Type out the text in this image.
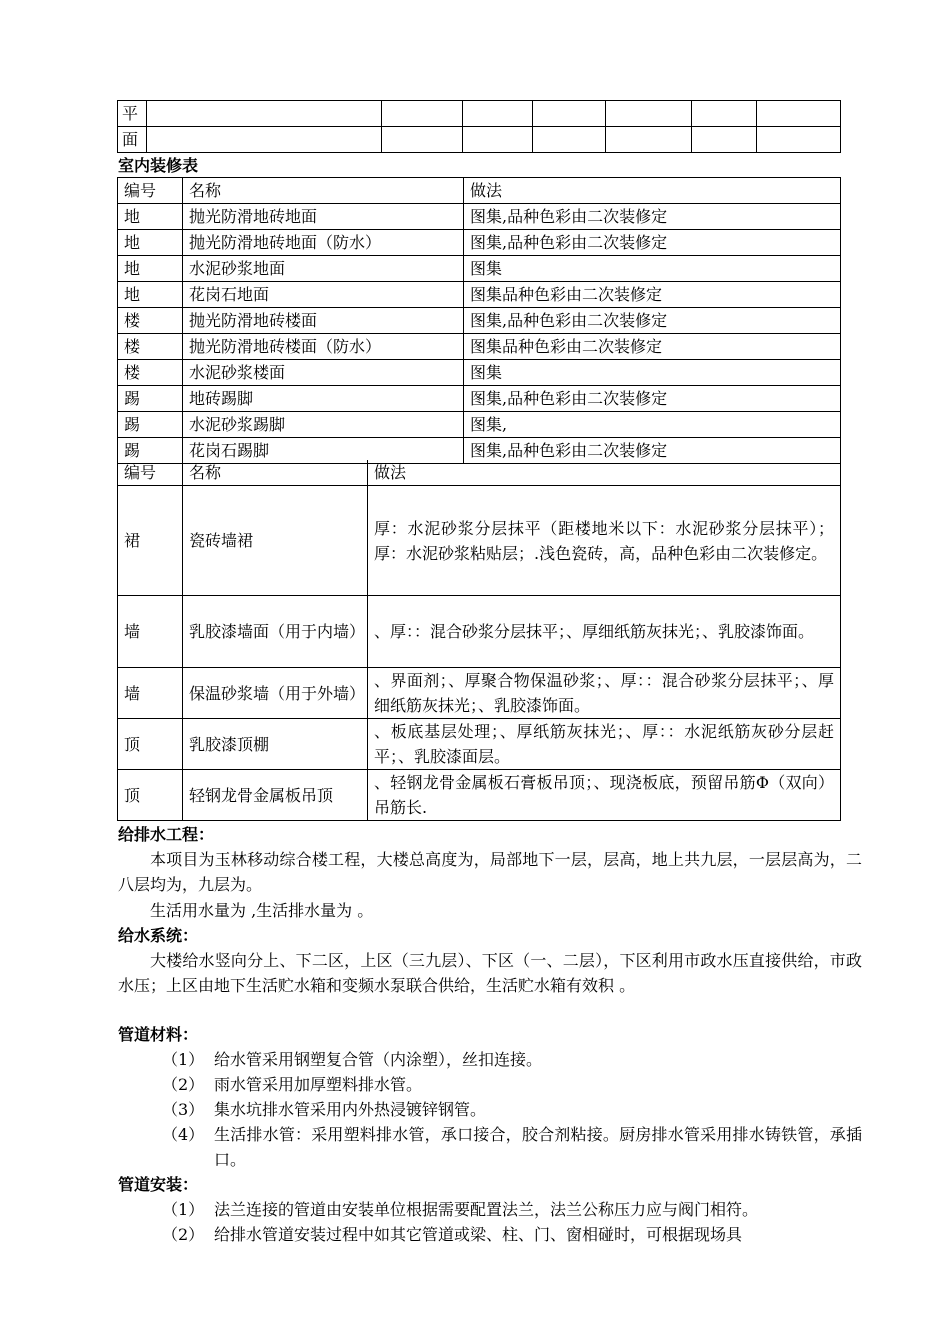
平							
面							
室内装修表
编号	名称	做法
地	抛光防滑地砖地面	图集,品种色彩由二次装修定
地	抛光防滑地砖地面（防水）	图集,品种色彩由二次装修定
地	水泥砂浆地面	图集
地	花岗石地面	图集品种色彩由二次装修定
楼	抛光防滑地砖楼面	图集,品种色彩由二次装修定
楼	抛光防滑地砖楼面（防水）	图集品种色彩由二次装修定
楼	水泥砂浆楼面	图集
踢	地砖踢脚	图集,品种色彩由二次装修定
踢	水泥砂浆踢脚	图集,
踢	花岗石踢脚	图集,品种色彩由二次装修定
编号	名称	做法
裙	瓷砖墙裙	厚：水泥砂浆分层抹平（距楼地米以下：水泥砂浆分层抹平）；厚：水泥砂浆粘贴层；.浅色瓷砖，高，品种色彩由二次装修定。
墙	乳胶漆墙面（用于内墙）	、厚：：混合砂浆分层抹平；、厚细纸筋灰抹光；、乳胶漆饰面。
墙	保温砂浆墙（用于外墙）	、界面剂；、厚聚合物保温砂浆；、厚：：混合砂浆分层抹平；、厚细纸筋灰抹光；、乳胶漆饰面。
顶	乳胶漆顶棚	、板底基层处理；、厚纸筋灰抹光；、厚：：水泥纸筋灰砂分层赶平；、乳胶漆面层。
顶	轻钢龙骨金属板吊顶	、轻钢龙骨金属板石膏板吊顶；、现浇板底，预留吊筋Φ（双向）吊筋长.
给排水工程：
本项目为玉林移动综合楼工程，大楼总高度为，局部地下一层，层高，地上共九层，一层层高为，二八层均为，九层为。
生活用水量为 ,生活排水量为 。
给水系统：
大楼给水竖向分上、下二区，上区（三九层）、下区（一、二层），下区利用市政水压直接供给，市政水压；上区由地下生活贮水箱和变频水泵联合供给，生活贮水箱有效积 。
管道材料：
（1） 给水管采用钢塑复合管（内涂塑），丝扣连接。
（2） 雨水管采用加厚塑料排水管。
（3） 集水坑排水管采用内外热浸镀锌钢管。
（4） 生活排水管：采用塑料排水管，承口接合，胶合剂粘接。厨房排水管采用排水铸铁管，承插口。
管道安装：
（1） 法兰连接的管道由安装单位根据需要配置法兰，法兰公称压力应与阀门相符。
（2） 给排水管道安装过程中如其它管道或梁、柱、门、窗相碰时，可根据现场具
